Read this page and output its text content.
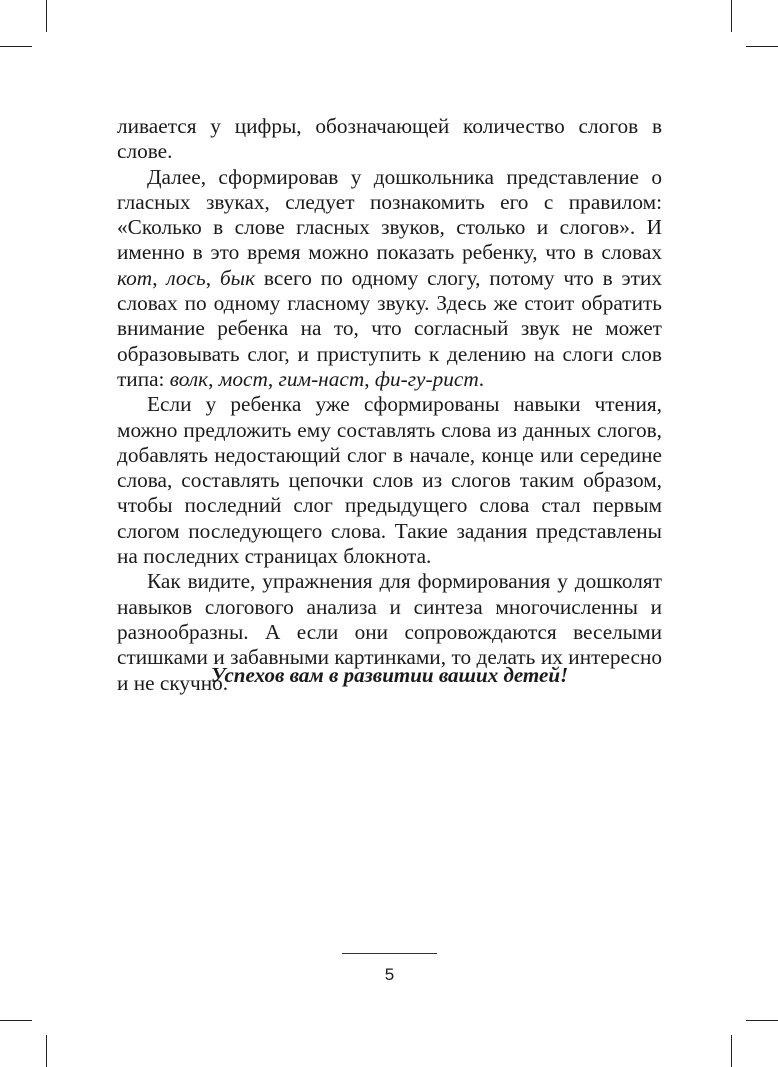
ливается у цифры, обозначающей количество слогов в слове.

Далее, сформировав у дошкольника представление о гласных звуках, следует познакомить его с правилом: «Сколько в слове гласных звуков, столько и слогов». И именно в это время можно показать ребенку, что в словах кот, лось, бык всего по одному слогу, потому что в этих словах по одному гласному звуку. Здесь же стоит обратить внимание ребенка на то, что согласный звук не может образовывать слог, и приступить к делению на слоги слов типа: волк, мост, гим-наст, фи-гу-рист.

Если у ребенка уже сформированы навыки чтения, можно предложить ему составлять слова из данных слогов, добавлять недостающий слог в начале, конце или середине слова, составлять цепочки слов из слогов таким образом, чтобы последний слог предыдущего слова стал первым слогом последующего слова. Такие задания представлены на последних страницах блокнота.

Как видите, упражнения для формирования у дошколят навыков слогового анализа и синтеза многочисленны и разнообразны. А если они сопровождаются веселыми стишками и забавными картинками, то делать их интересно и не скучно.

Успехов вам в развитии ваших детей!
5
